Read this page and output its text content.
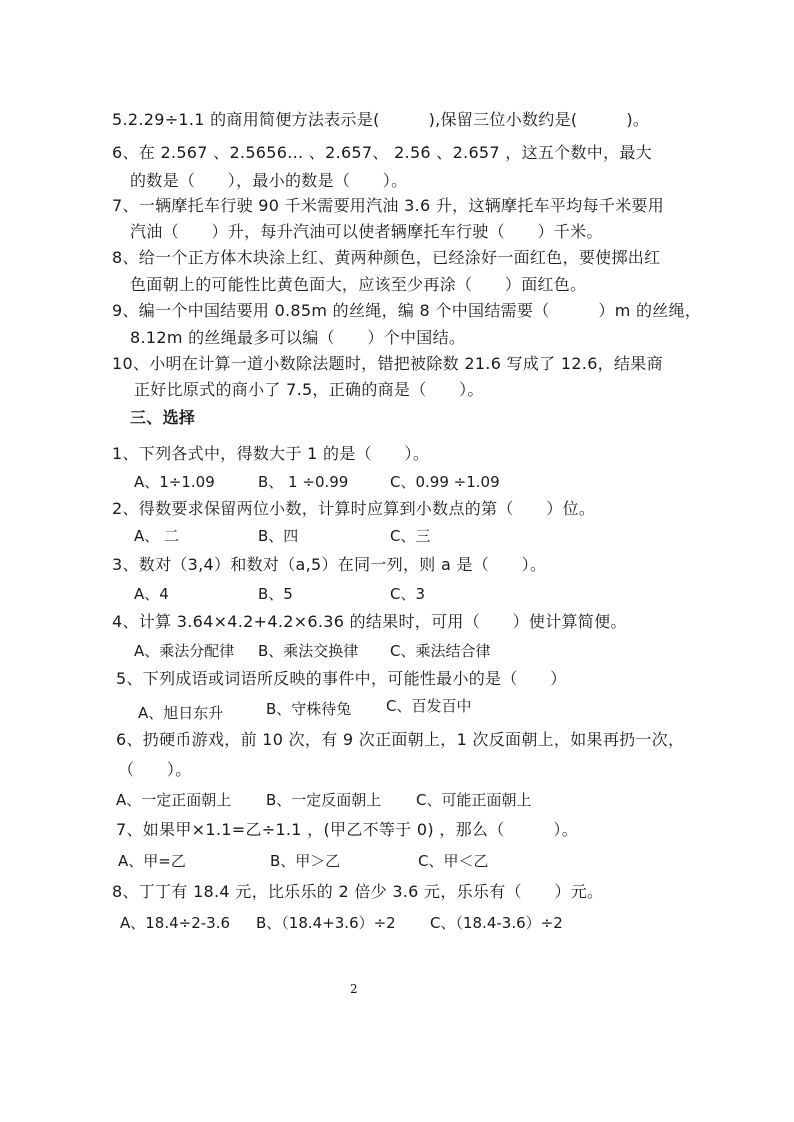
5.2.29÷1.1 的商用简便方法表示是(　　　),保留三位小数约是(　　　)。
6、在 2.567 、2.5656... 、2.657、 2.56̇ 、2.657 ，这五个数中，最大
的数是（　　），最小的数是（　　）。
7、一辆摩托车行驶 90 千米需要用汽油 3.6 升，这辆摩托车平均每千米要用
汽油（　　）升，每升汽油可以使者辆摩托车行驶（　　）千米。
8、给一个正方体木块涂上红、黄两种颜色，已经涂好一面红色，要使掷出红
色面朝上的可能性比黄色面大，应该至少再涂（　　）面红色。
9、编一个中国结要用 0.85m 的丝绳，编 8 个中国结需要（　　　）m 的丝绳，
8.12m 的丝绳最多可以编（　　）个中国结。
10、小明在计算一道小数除法题时，错把被除数 21.6 写成了 12.6，结果商
正好比原式的商小了 7.5，正确的商是（　　）。
三、选择
1、下列各式中，得数大于 1 的是（　　）。
A、1÷1.09	B、 1 ÷0.99	C、0.99 ÷1.09
2、得数要求保留两位小数，计算时应算到小数点的第（　　）位。
A、 二	B、四	C、三
3、数对（3,4）和数对（a,5）在同一列，则 a 是（　　）。
A、4	B、5	C、3
4、计算 3.64×4.2+4.2×6.36 的结果时，可用（　　）使计算简便。
A、乘法分配律 B、乘法交换律 C、乘法结合律
5、下列成语或词语所反映的事件中，可能性最小的是（　　）
A、旭日东升	B、守株待兔 C、百发百中
6、扔硬币游戏，前 10 次，有 9 次正面朝上，1 次反面朝上，如果再扔一次，
（　　）。
A、一定正面朝上 B、一定反面朝上 C、可能正面朝上
7、如果甲×1.1=乙÷1.1 ，(甲乙不等于 0) ，那么（　　　）。
A、甲=乙	B、甲＞乙	C、甲＜乙
8、丁丁有 18.4 元，比乐乐的 2 倍少 3.6 元，乐乐有（　　）元。
A、18.4÷2-3.6 B、（18.4+3.6）÷2 C、（18.4-3.6）÷2
2
